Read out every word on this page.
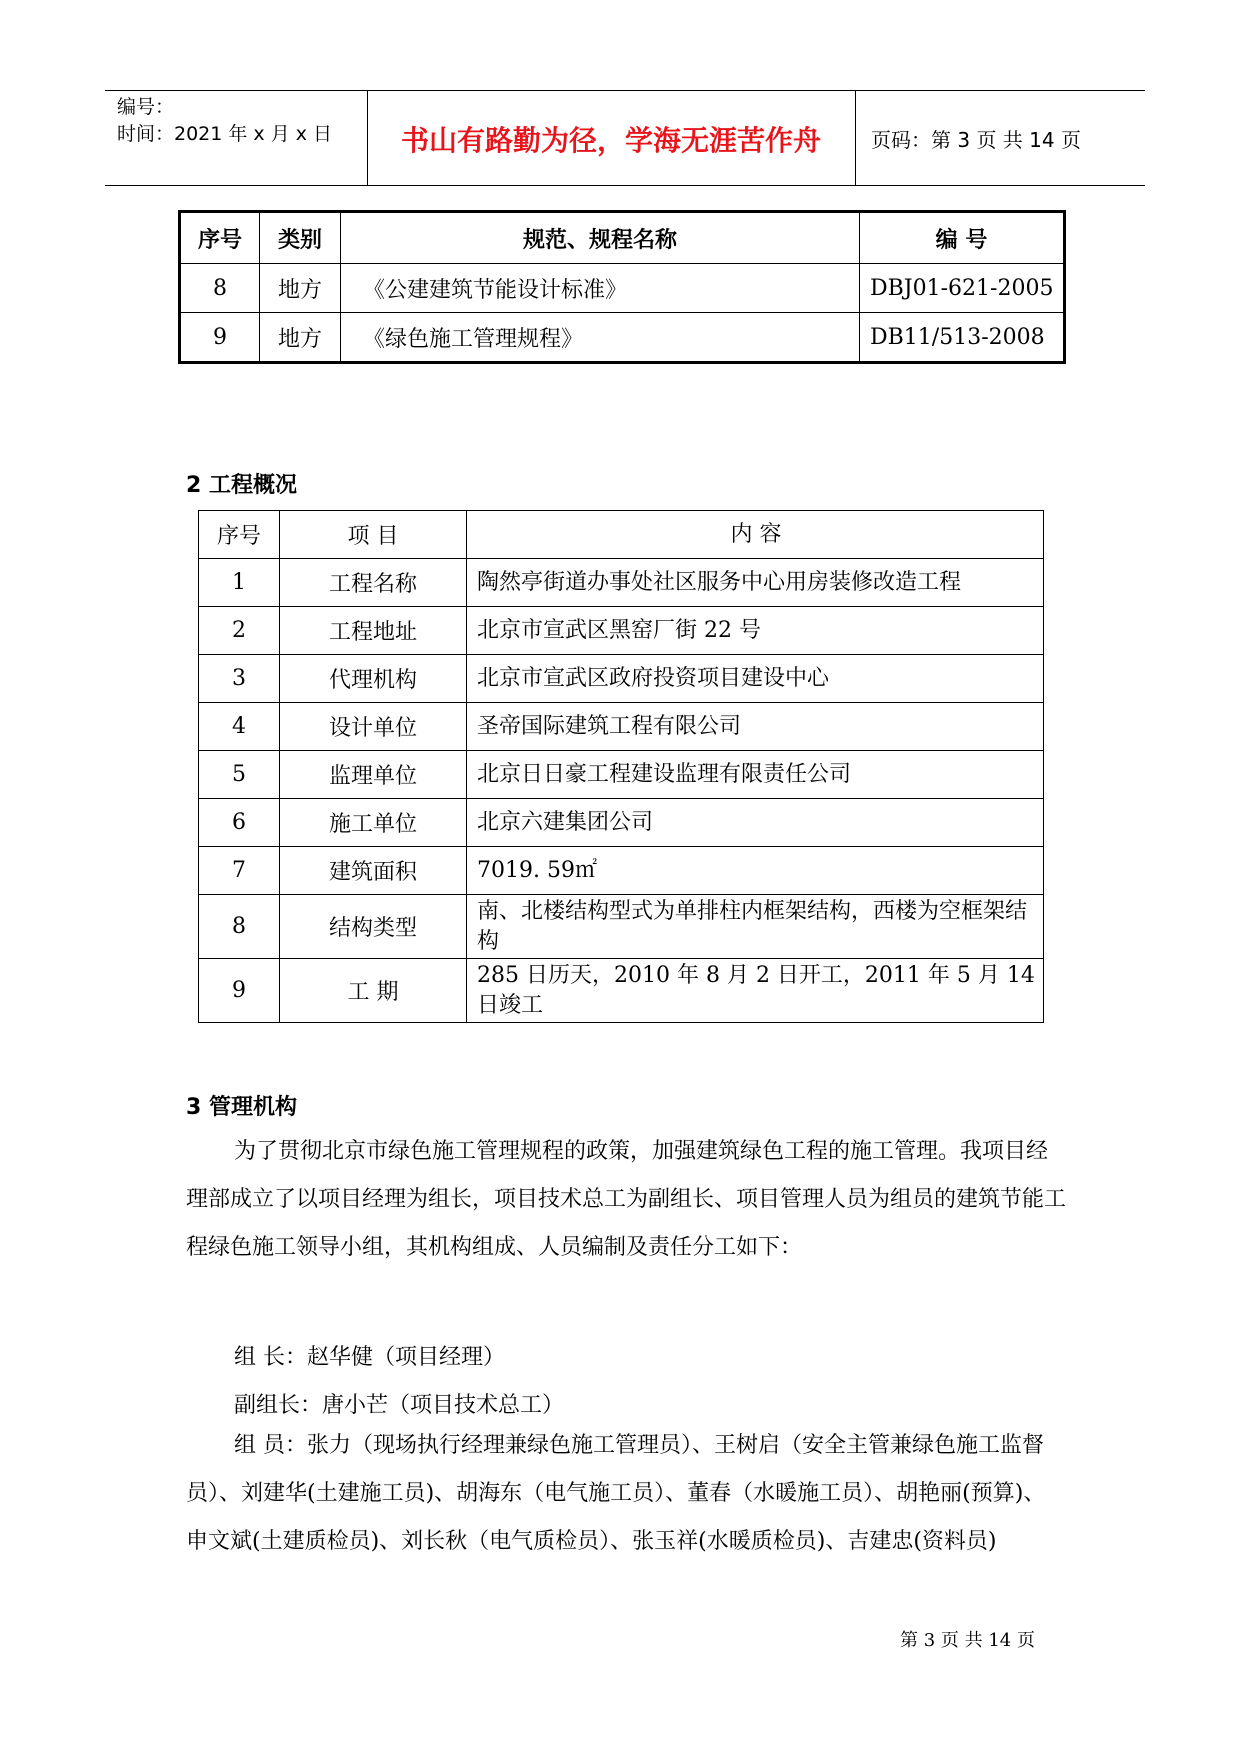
编号：
时间：2021 年 x 月 x 日	书山有路勤为径，学海无涯苦作舟	页码：第 3 页 共 14 页
序号	类别	规范、规程名称	编 号
8	地方	《公建建筑节能设计标准》	DBJ01-621-2005
9	地方	《绿色施工管理规程》	DB11/513-2008
2 工程概况
序号	项 目	内 容
1	工程名称	陶然亭街道办事处社区服务中心用房装修改造工程
2	工程地址	北京市宣武区黑窑厂街 22 号
3	代理机构	北京市宣武区政府投资项目建设中心
4	设计单位	圣帝国际建筑工程有限公司
5	监理单位	北京日日豪工程建设监理有限责任公司
6	施工单位	北京六建集团公司
7	建筑面积	7019. 59㎡
8	结构类型	南、北楼结构型式为单排柱内框架结构，西楼为空框架结构
9	工 期	285 日历天，2010 年 8 月 2 日开工，2011 年 5 月 14 日竣工
3 管理机构
为了贯彻北京市绿色施工管理规程的政策，加强建筑绿色工程的施工管理。我项目经理部成立了以项目经理为组长，项目技术总工为副组长、项目管理人员为组员的建筑节能工程绿色施工领导小组，其机构组成、人员编制及责任分工如下：
组 长：赵华健（项目经理）
副组长：唐小芒（项目技术总工）
组 员：张力（现场执行经理兼绿色施工管理员）、王树启（安全主管兼绿色施工监督员）、刘建华(土建施工员)、胡海东（电气施工员）、董春（水暖施工员）、胡艳丽(预算)、申文斌(土建质检员)、刘长秋（电气质检员）、张玉祥(水暖质检员)、吉建忠(资料员)
第 3 页 共 14 页
